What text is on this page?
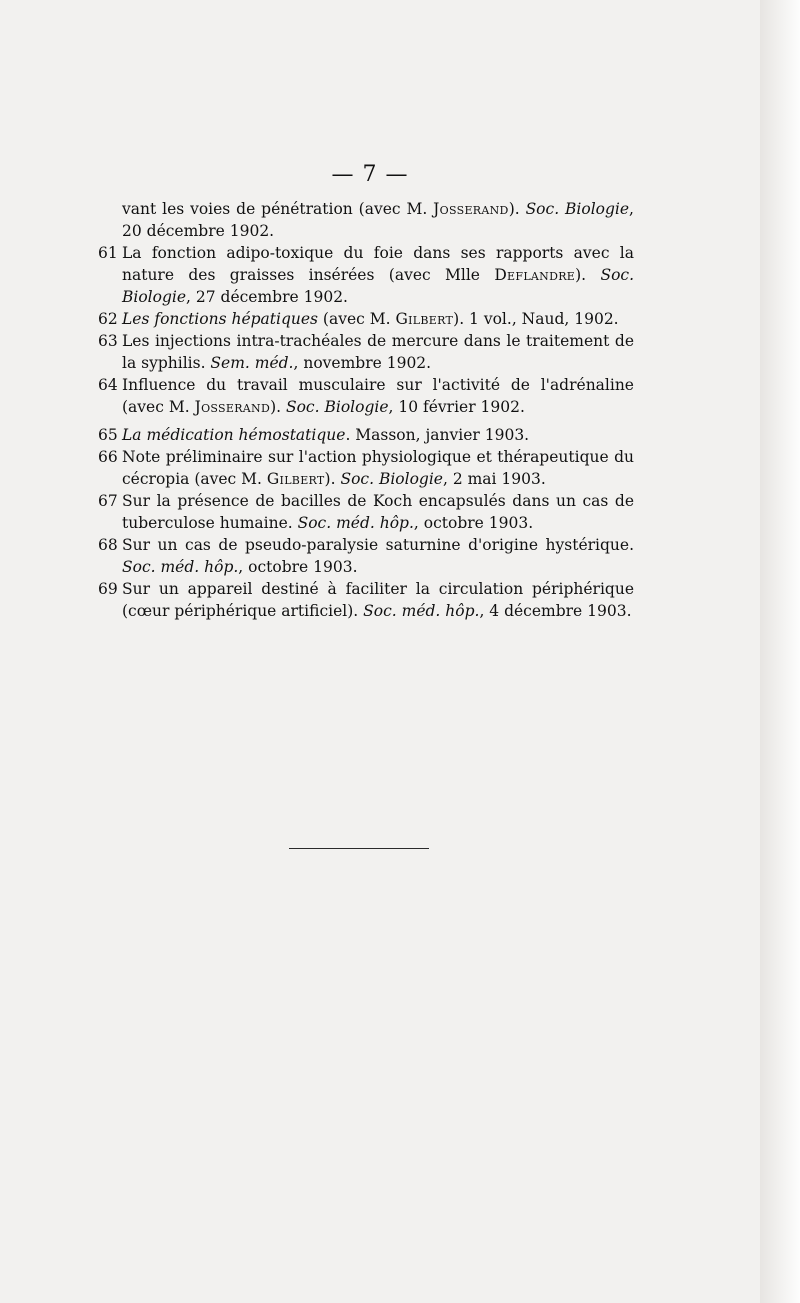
— 7 —

vant les voies de pénétration (avec M. Josserand). Soc. Biologie, 20 décembre 1902.

61 La fonction adipo-toxique du foie dans ses rapports avec la nature des graisses insérées (avec Mlle Deflandre). Soc. Biologie, 27 décembre 1902.

62 Les fonctions hépatiques (avec M. Gilbert). 1 vol., Naud, 1902.

63 Les injections intra-trachéales de mercure dans le traitement de la syphilis. Sem. méd., novembre 1902.

64 Influence du travail musculaire sur l'activité de l'adrénaline (avec M. Josserand). Soc. Biologie, 10 février 1902.

65 La médication hémostatique. Masson, janvier 1903.

66 Note préliminaire sur l'action physiologique et thérapeutique du cécropia (avec M. Gilbert). Soc. Biologie, 2 mai 1903.

67 Sur la présence de bacilles de Koch encapsulés dans un cas de tuberculose humaine. Soc. méd. hôp., octobre 1903.

68 Sur un cas de pseudo-paralysie saturnine d'origine hystérique. Soc. méd. hôp., octobre 1903.

69 Sur un appareil destiné à faciliter la circulation périphérique (cœur périphérique artificiel). Soc. méd. hôp., 4 décembre 1903.
